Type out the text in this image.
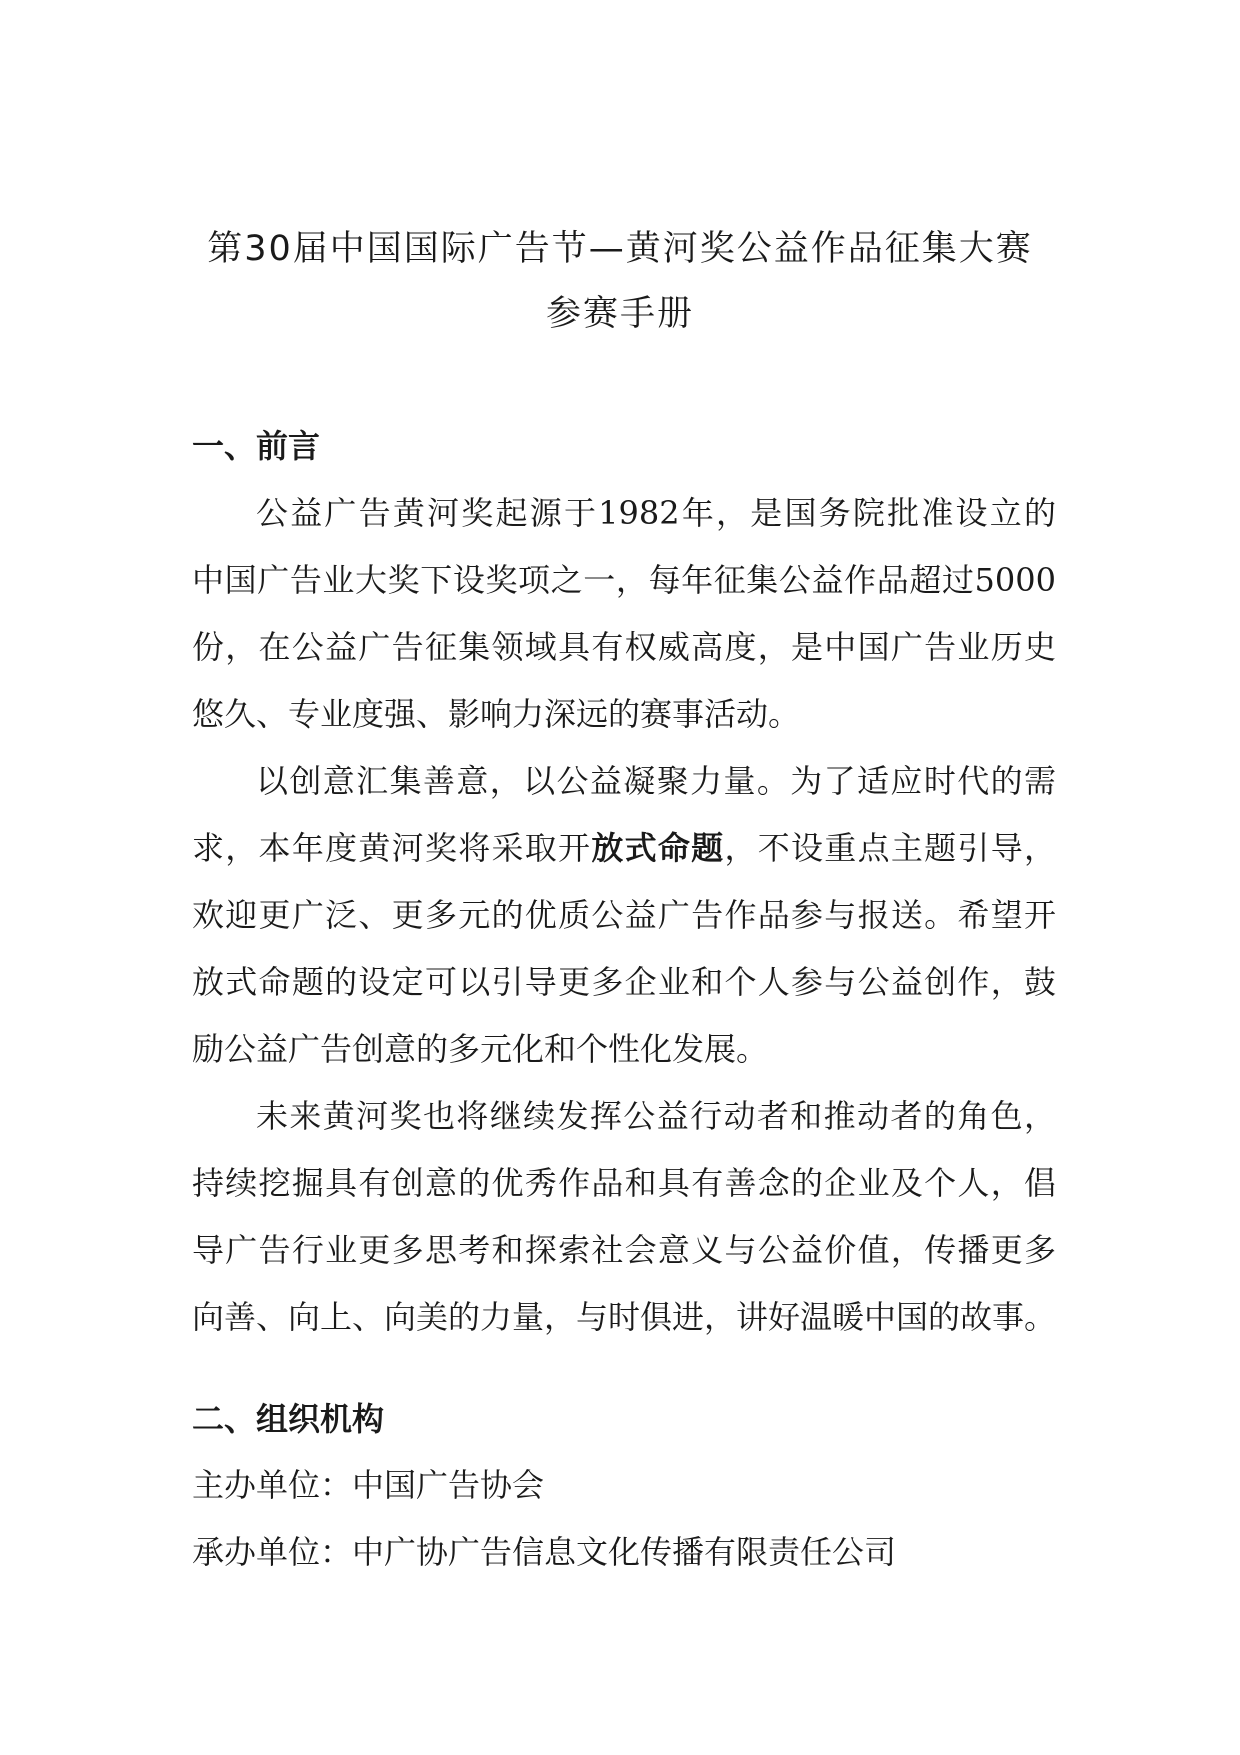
第30届中国国际广告节—黄河奖公益作品征集大赛
参赛手册
一、前言
公益广告黄河奖起源于1982年，是国务院批准设立的
中国广告业大奖下设奖项之一，每年征集公益作品超过5000
份，在公益广告征集领域具有权威高度，是中国广告业历史
悠久、专业度强、影响力深远的赛事活动。
以创意汇集善意，以公益凝聚力量。为了适应时代的需
求，本年度黄河奖将采取开放式命题，不设重点主题引导，
欢迎更广泛、更多元的优质公益广告作品参与报送。希望开
放式命题的设定可以引导更多企业和个人参与公益创作，鼓
励公益广告创意的多元化和个性化发展。
未来黄河奖也将继续发挥公益行动者和推动者的角色，
持续挖掘具有创意的优秀作品和具有善念的企业及个人，倡
导广告行业更多思考和探索社会意义与公益价值，传播更多
向善、向上、向美的力量，与时俱进，讲好温暖中国的故事。
二、组织机构
主办单位：中国广告协会
承办单位：中广协广告信息文化传播有限责任公司
